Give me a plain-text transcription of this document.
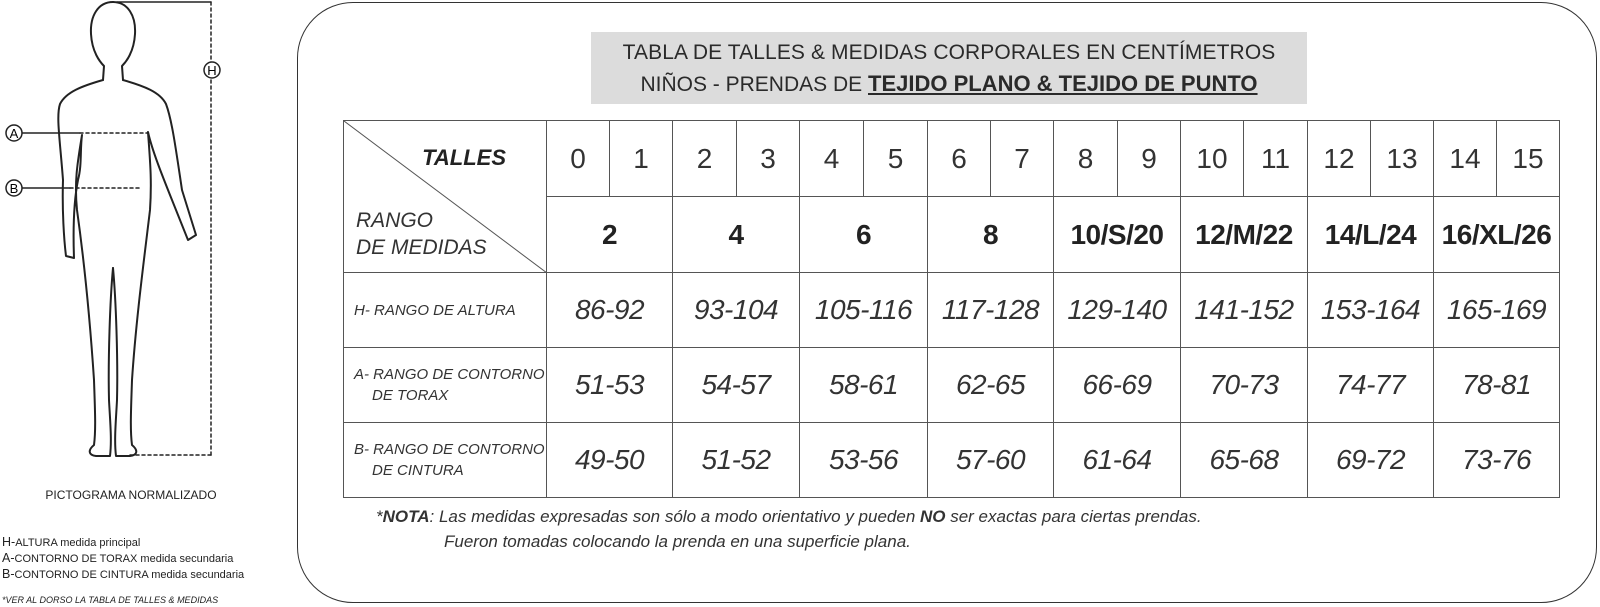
H
A
B
PICTOGRAMA NORMALIZADO
H-ALTURA medida principal
A-CONTORNO DE TORAX medida secundaria
B-CONTORNO DE CINTURA medida secundaria
*VER AL DORSO LA TABLA DE TALLES & MEDIDAS
TABLA DE TALLES & MEDIDAS CORPORALES EN CENTÍMETROS
NIÑOS - PRENDAS DE TEJIDO PLANO & TEJIDO DE PUNTO
TALLES
RANGO
DE MEDIDAS	0	1	2	3	4	5	6	7	8	9	10	11	12	13	14	15
	2		4		6		8		10/S/20		12/M/22		14/L/24		16/XL/26	
H- RANGO DE ALTURA	86-92		93-104		105-116		117-128		129-140		141-152		153-164		165-169	
A- RANGO DE CONTORNO
DE TORAX	51-53		54-57		58-61		62-65		66-69		70-73		74-77		78-81	
B- RANGO DE CONTORNO
DE CINTURA	49-50		51-52		53-56		57-60		61-64		65-68		69-72		73-76	
*NOTA: Las medidas expresadas son sólo a modo orientativo y pueden NO ser exactas para ciertas prendas.
Fueron tomadas colocando la prenda en una superficie plana.
